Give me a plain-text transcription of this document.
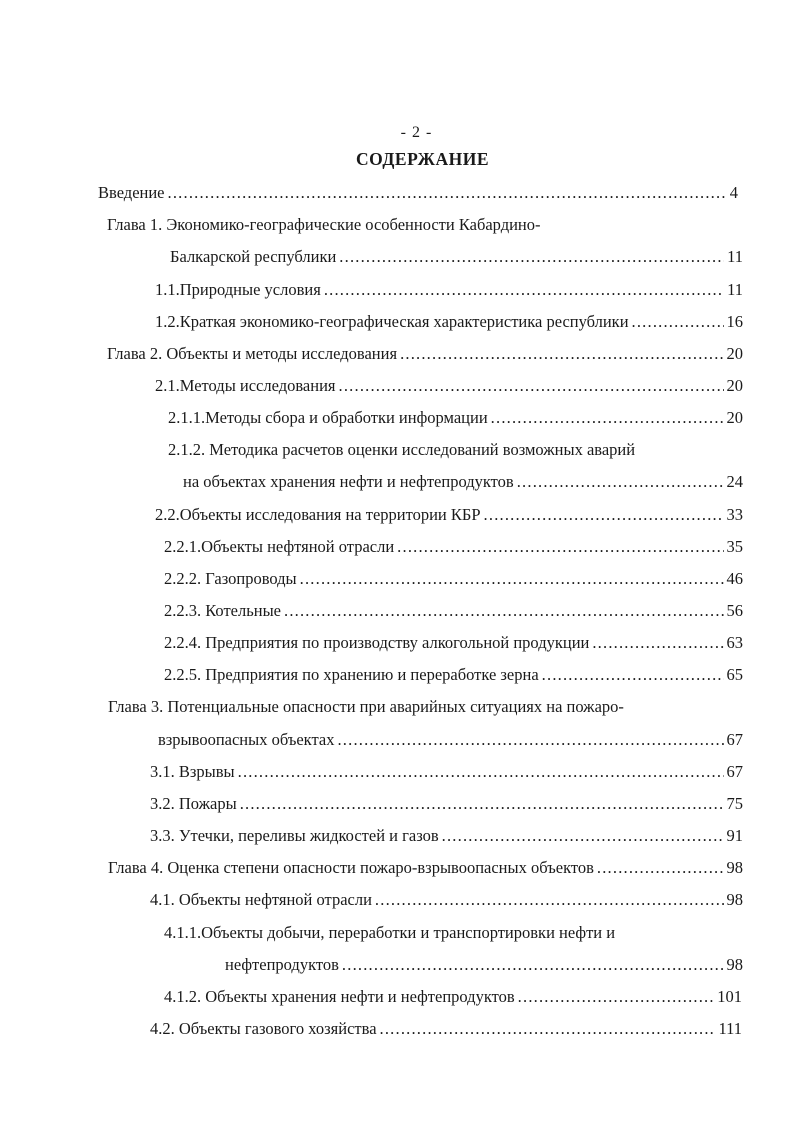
- 2 -
СОДЕРЖАНИЕ
Введение .....	4
Глава 1. Экономико-географические особенности Кабардино-
Балкарской республики .....	11
1.1.Природные условия .....	11
1.2.Краткая экономико-географическая характеристика республики .....	16
Глава 2. Объекты и методы исследования .....	20
2.1.Методы исследования .....	20
2.1.1.Методы сбора и обработки информации .....	20
2.1.2. Методика расчетов оценки исследований возможных аварий
на объектах хранения нефти и нефтепродуктов .....	24
2.2.Объекты исследования на территории КБР .....	33
2.2.1.Объекты нефтяной отрасли .....	35
2.2.2. Газопроводы .....	46
2.2.3. Котельные .....	56
2.2.4. Предприятия по производству алкогольной продукции .....	63
2.2.5. Предприятия по хранению и переработке зерна .....	65
Глава 3. Потенциальные опасности при аварийных ситуациях на пожаро-
взрывоопасных объектах .....	67
3.1. Взрывы .....	67
3.2. Пожары .....	75
3.3. Утечки, переливы жидкостей и газов .....	91
Глава 4. Оценка степени опасности пожаро-взрывоопасных объектов .....	98
4.1. Объекты нефтяной отрасли .....	98
4.1.1.Объекты добычи, переработки и транспортировки нефти и
нефтепродуктов .....	98
4.1.2. Объекты хранения нефти и нефтепродуктов .....	101
4.2. Объекты газового хозяйства .....	111
